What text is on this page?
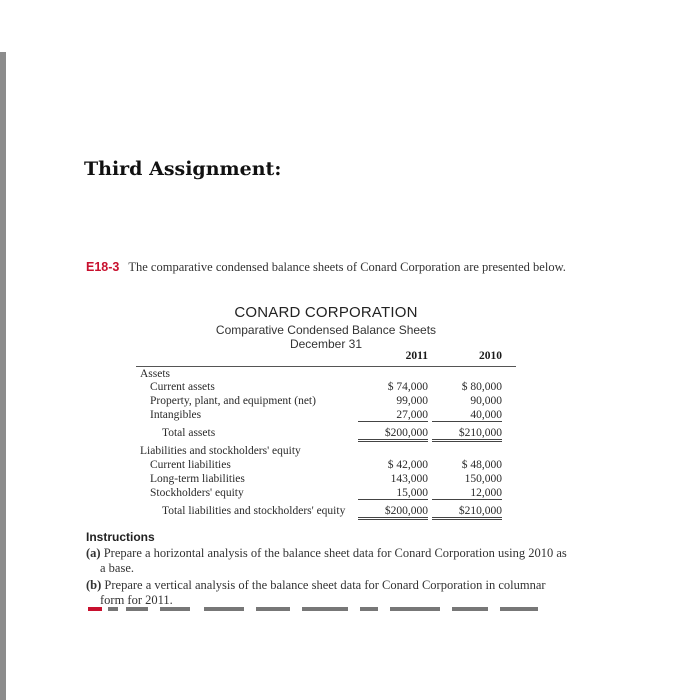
Third Assignment:
E18-3 The comparative condensed balance sheets of Conard Corporation are presented below.
CONARD CORPORATION
Comparative Condensed Balance Sheets
December 31
2011	2010
Assets
Current assets	$ 74,000	$ 80,000
Property, plant, and equipment (net)	99,000	90,000
Intangibles	27,000	40,000
Total assets	$200,000	$210,000
Liabilities and stockholders' equity
Current liabilities	$ 42,000	$ 48,000
Long-term liabilities	143,000	150,000
Stockholders' equity	15,000	12,000
Total liabilities and stockholders' equity	$200,000	$210,000
Instructions
(a) Prepare a horizontal analysis of the balance sheet data for Conard Corporation using 2010 as a base.
(b) Prepare a vertical analysis of the balance sheet data for Conard Corporation in columnar form for 2011.
